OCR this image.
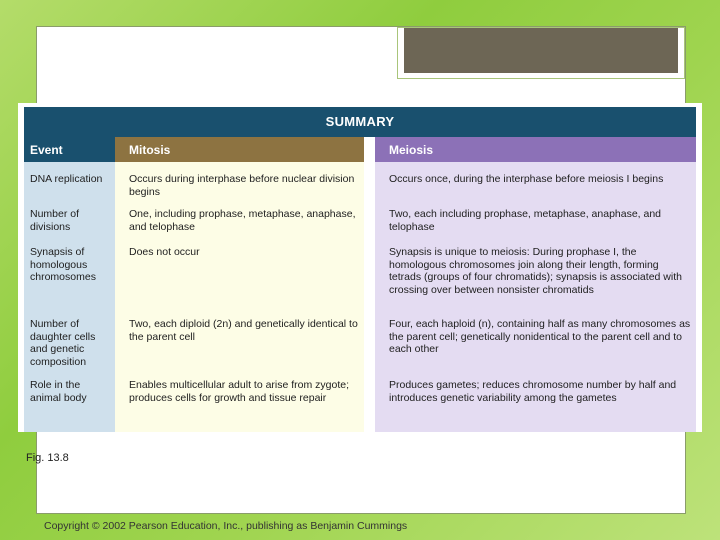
SUMMARY
Event
DNA replication
Number of divisions
Synapsis of homologous chromosomes
Number of daughter cells and genetic composition
Role in the animal body
Mitosis
Occurs during interphase before nuclear division begins
One, including prophase, metaphase, anaphase, and telophase
Does not occur
Two, each diploid (2n) and genetically identical to the parent cell
Enables multicellular adult to arise from zygote; produces cells for growth and tissue repair
Meiosis
Occurs once, during the interphase before meiosis I begins
Two, each including prophase, metaphase, anaphase, and telophase
Synapsis is unique to meiosis: During prophase I, the homologous chromosomes join along their length, forming tetrads (groups of four chromatids); synapsis is associated with crossing over between nonsister chromatids
Four, each haploid (n), containing half as many chromosomes as the parent cell; genetically nonidentical to the parent cell and to each other
Produces gametes; reduces chromosome number by half and introduces genetic variability among the gametes
Fig. 13.8
Copyright © 2002 Pearson Education, Inc., publishing as Benjamin Cummings
